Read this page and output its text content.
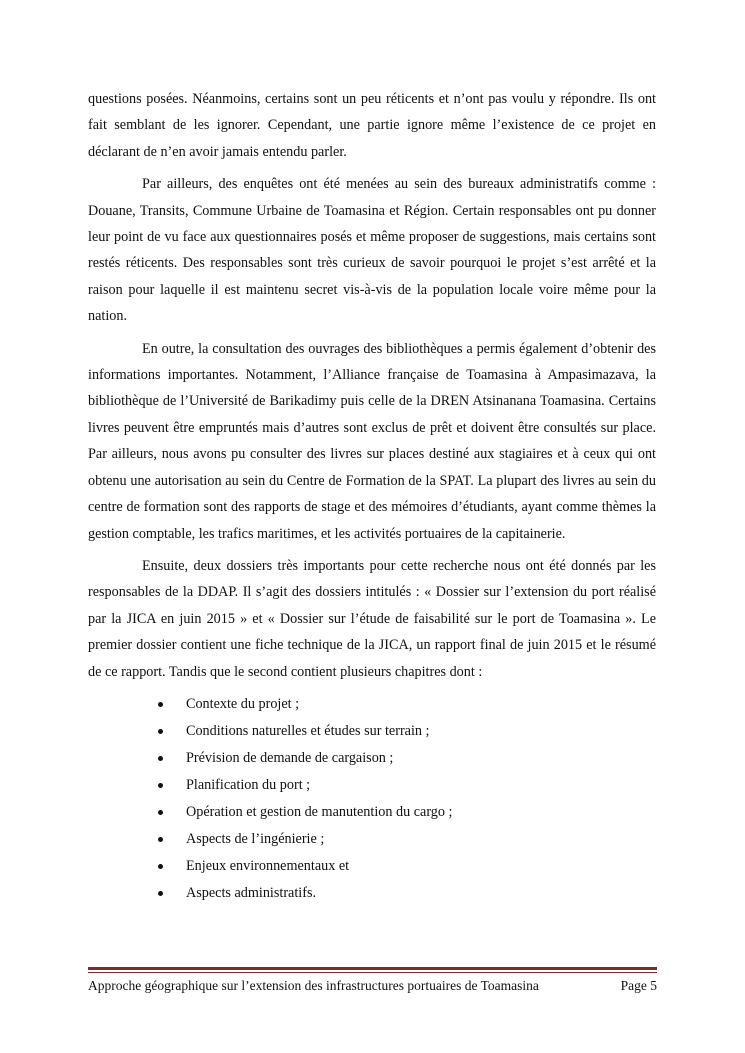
questions posées. Néanmoins, certains sont un peu réticents et n’ont pas voulu y répondre. Ils ont fait semblant de les ignorer. Cependant, une partie ignore même l’existence de ce projet en déclarant de n’en avoir jamais entendu parler.

Par ailleurs, des enquêtes ont été menées au sein des bureaux administratifs comme : Douane, Transits, Commune Urbaine de Toamasina et Région. Certain responsables ont pu donner leur point de vu face aux questionnaires posés et même proposer de suggestions, mais certains sont restés réticents. Des responsables sont très curieux de savoir pourquoi le projet s’est arrêté et la raison pour laquelle il est maintenu secret vis-à-vis de la population locale voire même pour la nation.

En outre, la consultation des ouvrages des bibliothèques a permis également d’obtenir des informations importantes. Notamment, l’Alliance française de Toamasina à Ampasimazava, la bibliothèque de l’Université de Barikadimy puis celle de la DREN Atsinanana Toamasina. Certains livres peuvent être empruntés mais d’autres sont exclus de prêt et doivent être consultés sur place. Par ailleurs, nous avons pu consulter des livres sur places destiné aux stagiaires et à ceux qui ont obtenu une autorisation au sein du Centre de Formation de la SPAT. La plupart des livres au sein du centre de formation sont des rapports de stage et des mémoires d’étudiants, ayant comme thèmes la gestion comptable, les trafics maritimes, et les activités portuaires de la capitainerie.

Ensuite, deux dossiers très importants pour cette recherche nous ont été donnés par les responsables de la DDAP. Il s’agit des dossiers intitulés : « Dossier sur l’extension du port réalisé par la JICA en juin 2015 » et « Dossier sur l’étude de faisabilité sur le port de Toamasina ». Le premier dossier contient une fiche technique de la JICA, un rapport final de juin 2015 et le résumé de ce rapport. Tandis que le second contient plusieurs chapitres dont :

Contexte du projet ;
Conditions naturelles et études sur terrain ;
Prévision de demande de cargaison ;
Planification du port ;
Opération et gestion de manutention du cargo ;
Aspects de l’ingénierie ;
Enjeux environnementaux et
Aspects administratifs.
Approche géographique sur l’extension des infrastructures portuaires de Toamasina	Page 5
